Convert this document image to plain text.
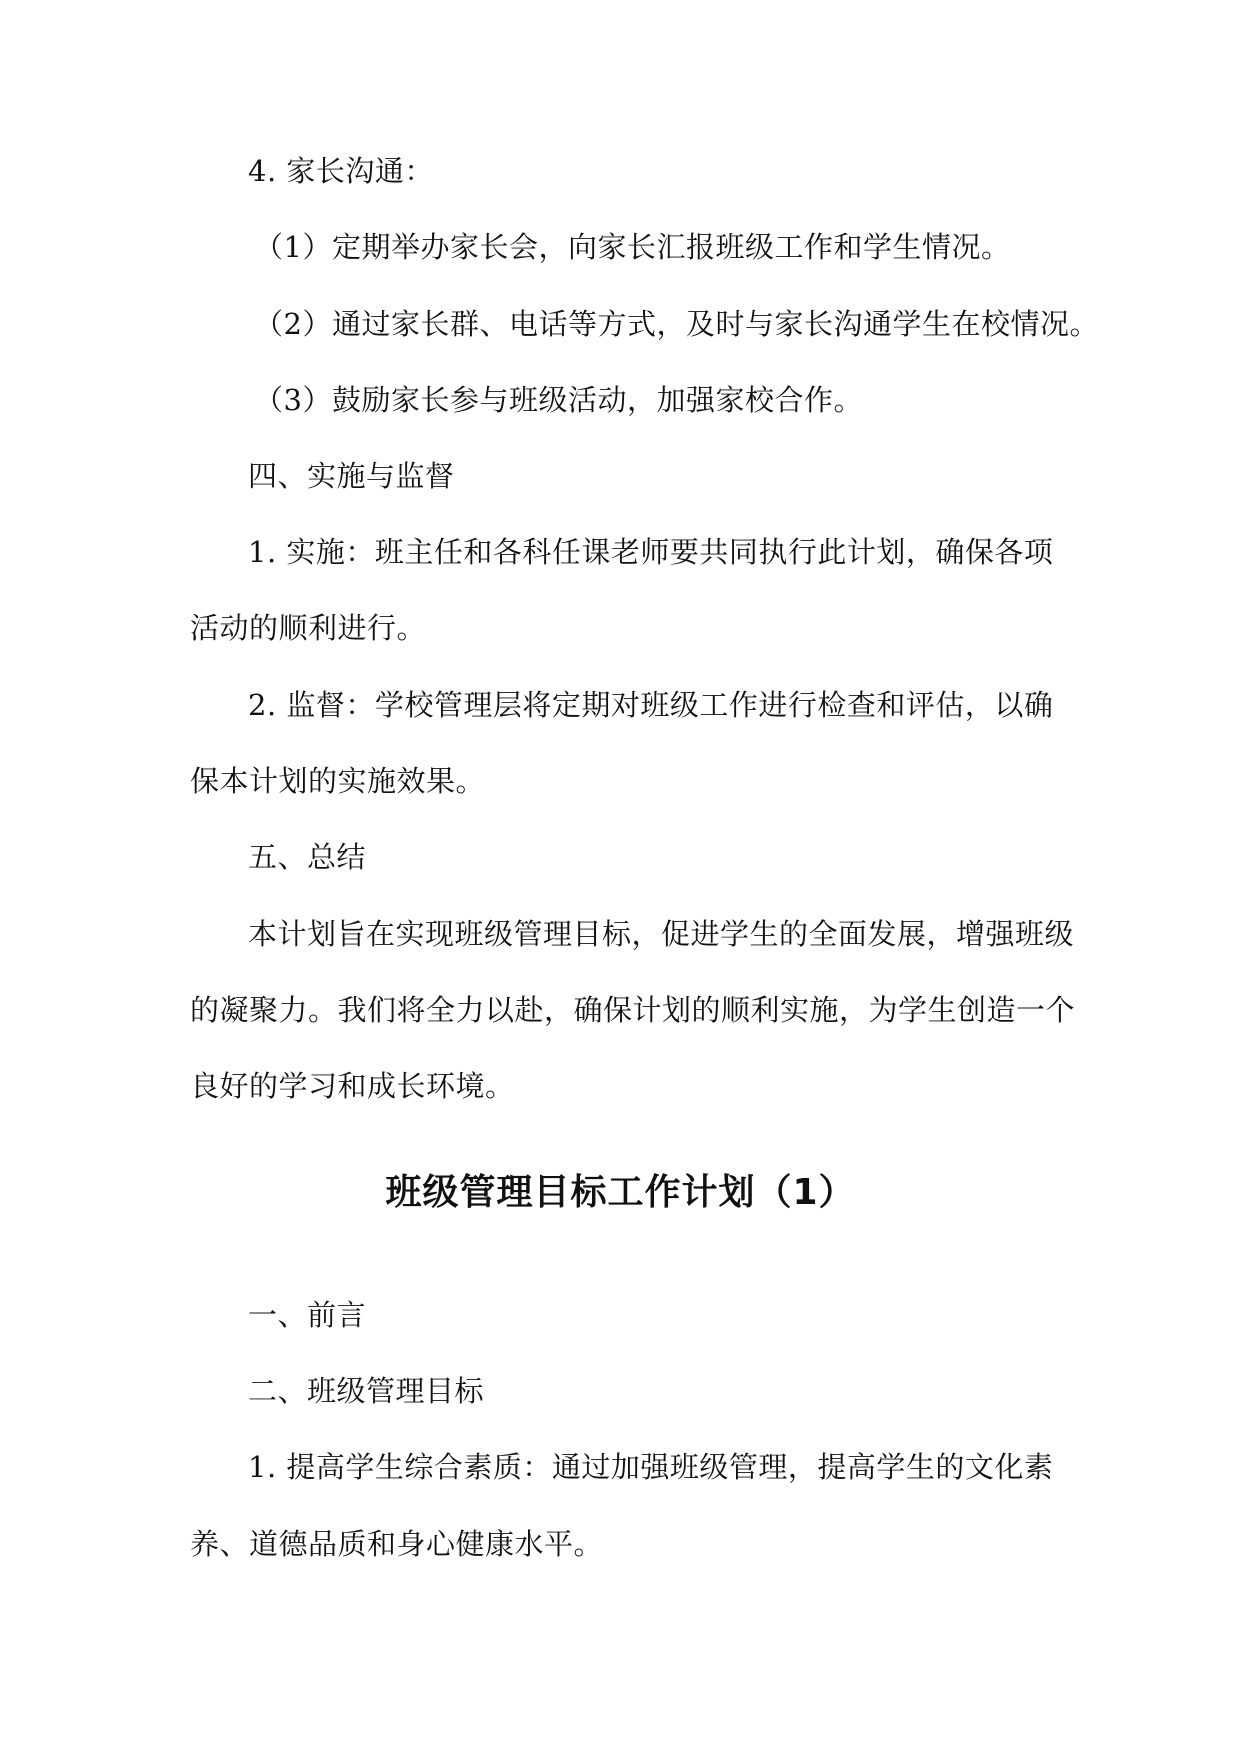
4. 家长沟通：
（1）定期举办家长会，向家长汇报班级工作和学生情况。
（2）通过家长群、电话等方式，及时与家长沟通学生在校情况。
（3）鼓励家长参与班级活动，加强家校合作。
四、实施与监督
1. 实施：班主任和各科任课老师要共同执行此计划，确保各项
活动的顺利进行。
2. 监督：学校管理层将定期对班级工作进行检查和评估，以确
保本计划的实施效果。
五、总结
本计划旨在实现班级管理目标，促进学生的全面发展，增强班级
的凝聚力。我们将全力以赴，确保计划的顺利实施，为学生创造一个
良好的学习和成长环境。
班级管理目标工作计划（1）
一、前言
二、班级管理目标
1. 提高学生综合素质：通过加强班级管理，提高学生的文化素
养、道德品质和身心健康水平。
